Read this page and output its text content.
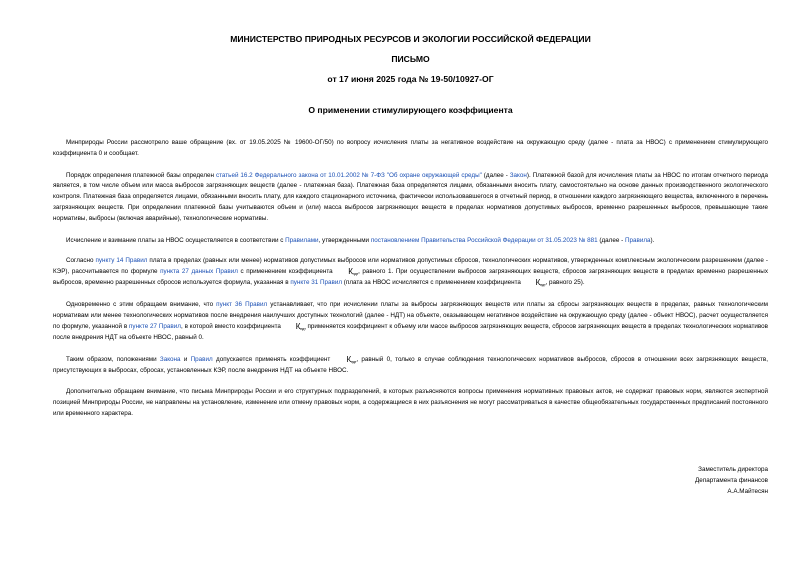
МИНИСТЕРСТВО ПРИРОДНЫХ РЕСУРСОВ И ЭКОЛОГИИ РОССИЙСКОЙ ФЕДЕРАЦИИ
ПИСЬМО
от 17 июня 2025 года № 19-50/10927-ОГ
О применении стимулирующего коэффициента

Минприроды России рассмотрело ваше обращение (вх. от 19.05.2025 № 19600-ОГ/50) по вопросу исчисления платы за негативное воздействие на окружающую среду (далее - плата за НВОС) с применением стимулирующего коэффициента 0 и сообщает.

Порядок определения платежной базы определен статьей 16.2 Федерального закона от 10.01.2002 № 7-ФЗ "Об охране окружающей среды" (далее - Закон). Платежной базой для исчисления платы за НВОС по итогам отчетного периода является, в том числе объем или масса выбросов загрязняющих веществ (далее - платежная база). Платежная база определяется лицами, обязанными вносить плату, самостоятельно на основе данных производственного экологического контроля. Платежная база определяется лицами, обязанными вносить плату, для каждого стационарного источника, фактически использовавшегося в отчетный период, в отношении каждого загрязняющего вещества, включенного в перечень загрязняющих веществ. При определении платежной базы учитываются объем и (или) масса выбросов загрязняющих веществ в пределах нормативов допустимых выбросов, временно разрешенных выбросов, превышающие такие нормативы, выбросы (включая аварийные), технологические нормативы.

Исчисление и взимание платы за НВОС осуществляется в соответствии с Правилами, утвержденными постановлением Правительства Российской Федерации от 31.05.2023 № 881 (далее - Правила).

Согласно пункту 14 Правил плата в пределах (равных или менее) нормативов допустимых выбросов или нормативов допустимых сбросов, технологических нормативов, утвержденных комплексным экологическим разрешением (далее - КЭР), рассчитывается по формуле пункта 27 данных Правил с применением коэффициента $К_{ндт}$, равного 1. При осуществлении выбросов загрязняющих веществ, сбросов загрязняющих веществ в пределах временно разрешенных выбросов, временно разрешенных сбросов используется формула, указанная в пункте 31 Правил (плата за НВОС исчисляется с применением коэффициента $К_{ндт}$, равного 25).

Одновременно с этим обращаем внимание, что пункт 36 Правил устанавливает, что при исчислении платы за выбросы загрязняющих веществ или платы за сбросы загрязняющих веществ в пределах, равных технологическим нормативам или менее технологических нормативов после внедрения наилучших доступных технологий (далее - НДТ) на объекте, оказывающем негативное воздействие на окружающую среду (далее - объект НВОС), расчет осуществляется по формуле, указанной в пункте 27 Правил, в которой вместо коэффициента $К_{ндт}$ применяется коэффициент к объему или массе выбросов загрязняющих веществ, сбросов загрязняющих веществ в пределах технологических нормативов после внедрения НДТ на объекте НВОС, равный 0.

Таким образом, положениями Закона и Правил допускается применять коэффициент $К_{ндт}$, равный 0, только в случае соблюдения технологических нормативов выбросов, сбросов в отношении всех загрязняющих веществ, присутствующих в выбросах, сбросах, установленных КЭР, после внедрения НДТ на объекте НВОС.

Дополнительно обращаем внимание, что письма Минприроды России и его структурных подразделений, в которых разъясняются вопросы применения нормативных правовых актов, не содержат правовых норм, являются экспертной позицией Минприроды России, не направлены на установление, изменение или отмену правовых норм, а содержащиеся в них разъяснения не могут рассматриваться в качестве общеобязательных государственных предписаний постоянного или временного характера.

Заместитель директора
Департамента финансов
А.А.Майтесян
